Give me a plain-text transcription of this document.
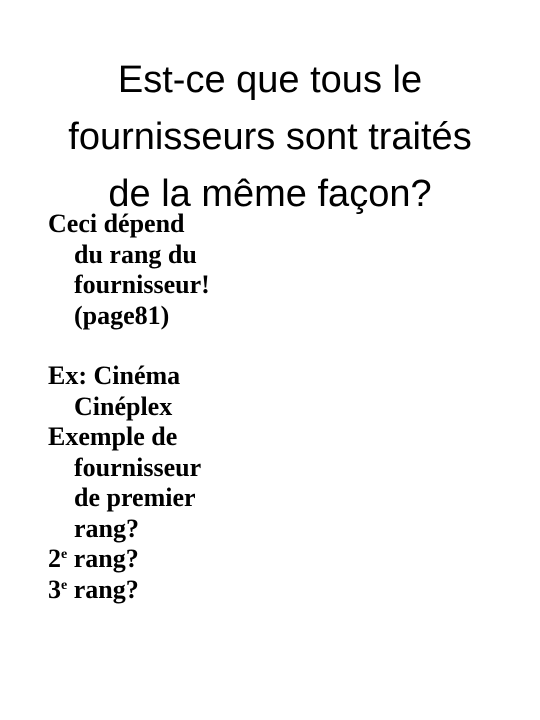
Est-ce que tous le
fournisseurs sont traités
de la même façon?
Ceci dépend
du rang du
fournisseur!
(page81)
Ex: Cinéma
Cinéplex
Exemple de
fournisseur
de premier
rang?
2e rang?
3e rang?
